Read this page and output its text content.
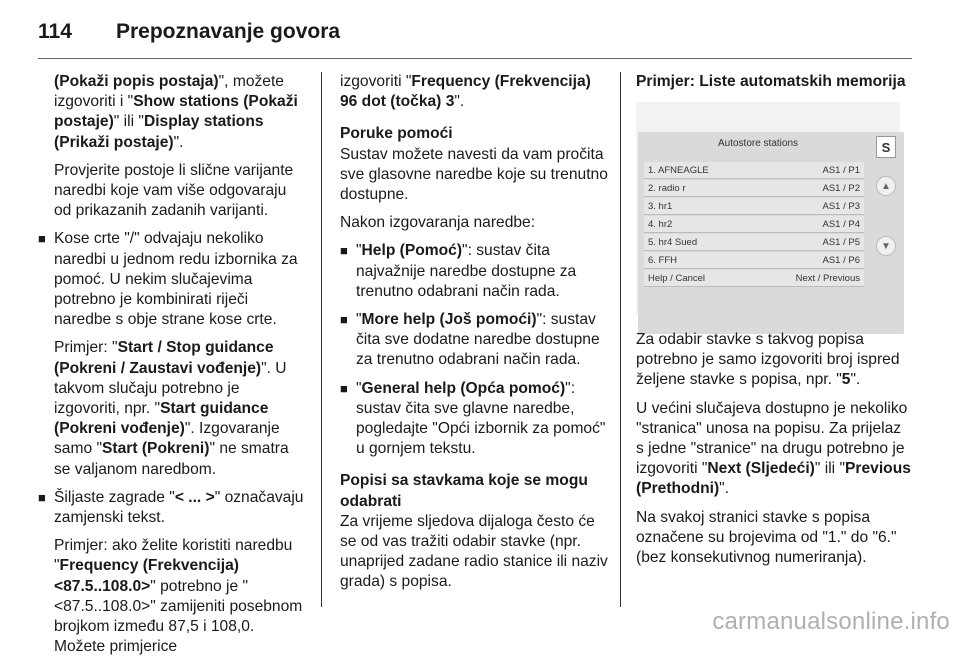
114	Prepoznavanje govora

(Pokaži popis postaja)", možete izgovoriti i "Show stations (Pokaži postaje)" ili "Display stations (Prikaži postaje)".

Provjerite postoje li slične varijante naredbi koje vam više odgovaraju od prikazanih zadanih varijanti.

■ Kose crte "/" odvajaju nekoliko naredbi u jednom redu izbornika za pomoć. U nekim slučajevima potrebno je kombinirati riječi naredbe s obje strane kose crte.

Primjer: "Start / Stop guidance (Pokreni / Zaustavi vođenje)". U takvom slučaju potrebno je izgovoriti, npr. "Start guidance (Pokreni vođenje)". Izgovaranje samo "Start (Pokreni)" ne smatra se valjanom naredbom.

■ Šiljaste zagrade "< ... >" označavaju zamjenski tekst.

Primjer: ako želite koristiti naredbu "Frequency (Frekvencija) <87.5..108.0>" potrebno je "<87.5..108.0>" zamijeniti posebnom brojkom između 87,5 i 108,0. Možete primjerice

izgovoriti "Frequency (Frekvencija) 96 dot (točka) 3".

Poruke pomoći

Sustav možete navesti da vam pročita sve glasovne naredbe koje su trenutno dostupne.

Nakon izgovaranja naredbe:

■ "Help (Pomoć)": sustav čita najvažnije naredbe dostupne za trenutno odabrani način rada.
■ "More help (Još pomoći)": sustav čita sve dodatne naredbe dostupne za trenutno odabrani način rada.
■ "General help (Opća pomoć)": sustav čita sve glavne naredbe, pogledajte "Opći izbornik za pomoć" u gornjem tekstu.

Popisi sa stavkama koje se mogu odabrati

Za vrijeme sljedova dijaloga često će se od vas tražiti odabir stavke (npr. unaprijed zadane radio stanice ili naziv grada) s popisa.

Primjer: Liste automatskih memorija

Autostore stations	S
1. AFNEAGLE	AS1 / P1
2. radio r	AS1 / P2
3. hr1	AS1 / P3
4. hr2	AS1 / P4
5. hr4 Sued	AS1 / P5
6. FFH	AS1 / P6
Help / Cancel	Next / Previous
▲
▼

Za odabir stavke s takvog popisa potrebno je samo izgovoriti broj ispred željene stavke s popisa, npr. "5".

U većini slučajeva dostupno je nekoliko "stranica" unosa na popisu. Za prijelaz s jedne "stranice" na drugu potrebno je izgovoriti "Next (Sljedeći)" ili "Previous (Prethodni)".

Na svakoj stranici stavke s popisa označene su brojevima od "1." do "6." (bez konsekutivnog numeriranja).

carmanualsonline.info
